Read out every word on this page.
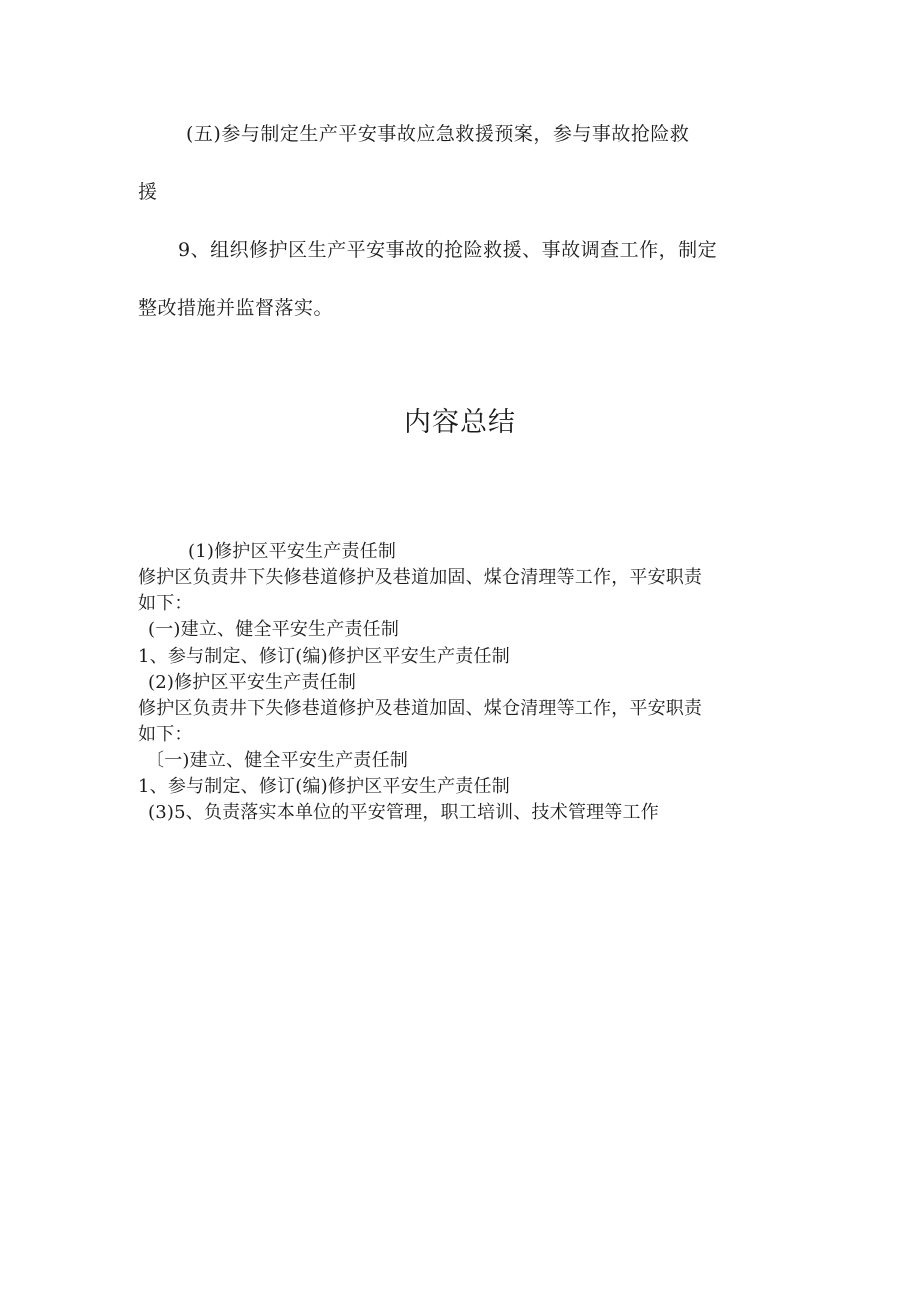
(五)参与制定生产平安事故应急救援预案，参与事故抢险救
援
9、组织修护区生产平安事故的抢险救援、事故调查工作，制定
整改措施并监督落实。
内容总结
(1)修护区平安生产责任制
修护区负责井下失修巷道修护及巷道加固、煤仓清理等工作，平安职责
如下：
(一)建立、健全平安生产责任制
1、参与制定、修订(编)修护区平安生产责任制
(2)修护区平安生产责任制
修护区负责井下失修巷道修护及巷道加固、煤仓清理等工作，平安职责
如下：
〔一)建立、健全平安生产责任制
1、参与制定、修订(编)修护区平安生产责任制
(3)5、负责落实本单位的平安管理，职工培训、技术管理等工作
